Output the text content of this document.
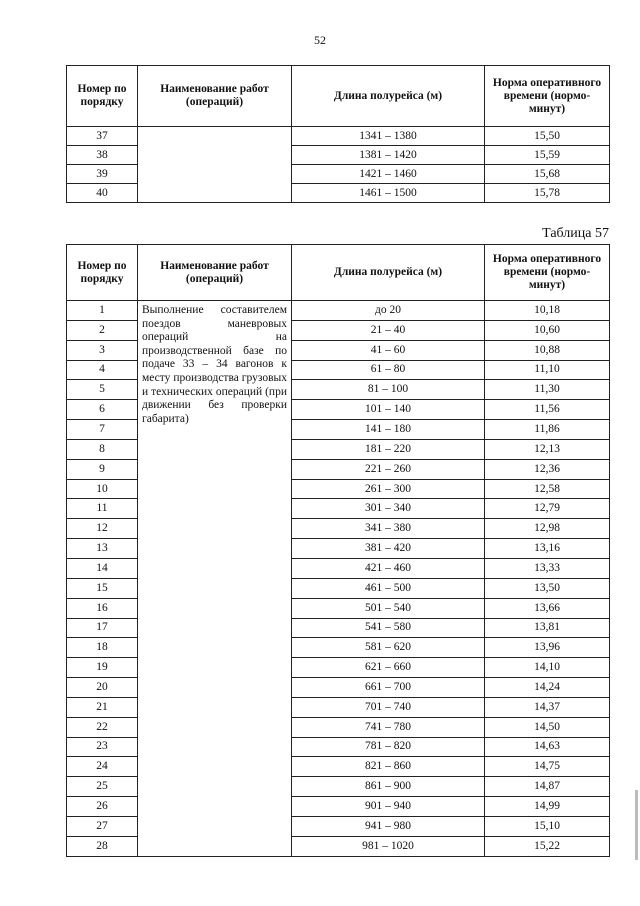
52
Номер по порядку	Наименование работ (операций)	Длина полурейса (м)	Норма оперативного времени (нормо-минут)
37		1341 – 1380	15,50
38		1381 – 1420	15,59
39		1421 – 1460	15,68
40		1461 – 1500	15,78
Таблица 57
Номер по порядку	Наименование работ (операций)	Длина полурейса (м)	Норма оперативного времени (нормо-минут)
1	Выполнение составителем поездов маневровых операций на производственной базе по подаче 33 – 34 вагонов к месту производства грузовых и технических операций (при движении без проверки габарита)	до 20	10,18
2		21 – 40	10,60
3		41 – 60	10,88
4		61 – 80	11,10
5		81 – 100	11,30
6		101 – 140	11,56
7		141 – 180	11,86
8		181 – 220	12,13
9		221 – 260	12,36
10		261 – 300	12,58
11		301 – 340	12,79
12		341 – 380	12,98
13		381 – 420	13,16
14		421 – 460	13,33
15		461 – 500	13,50
16		501 – 540	13,66
17		541 – 580	13,81
18		581 – 620	13,96
19		621 – 660	14,10
20		661 – 700	14,24
21		701 – 740	14,37
22		741 – 780	14,50
23		781 – 820	14,63
24		821 – 860	14,75
25		861 – 900	14,87
26		901 – 940	14,99
27		941 – 980	15,10
28		981 – 1020	15,22
